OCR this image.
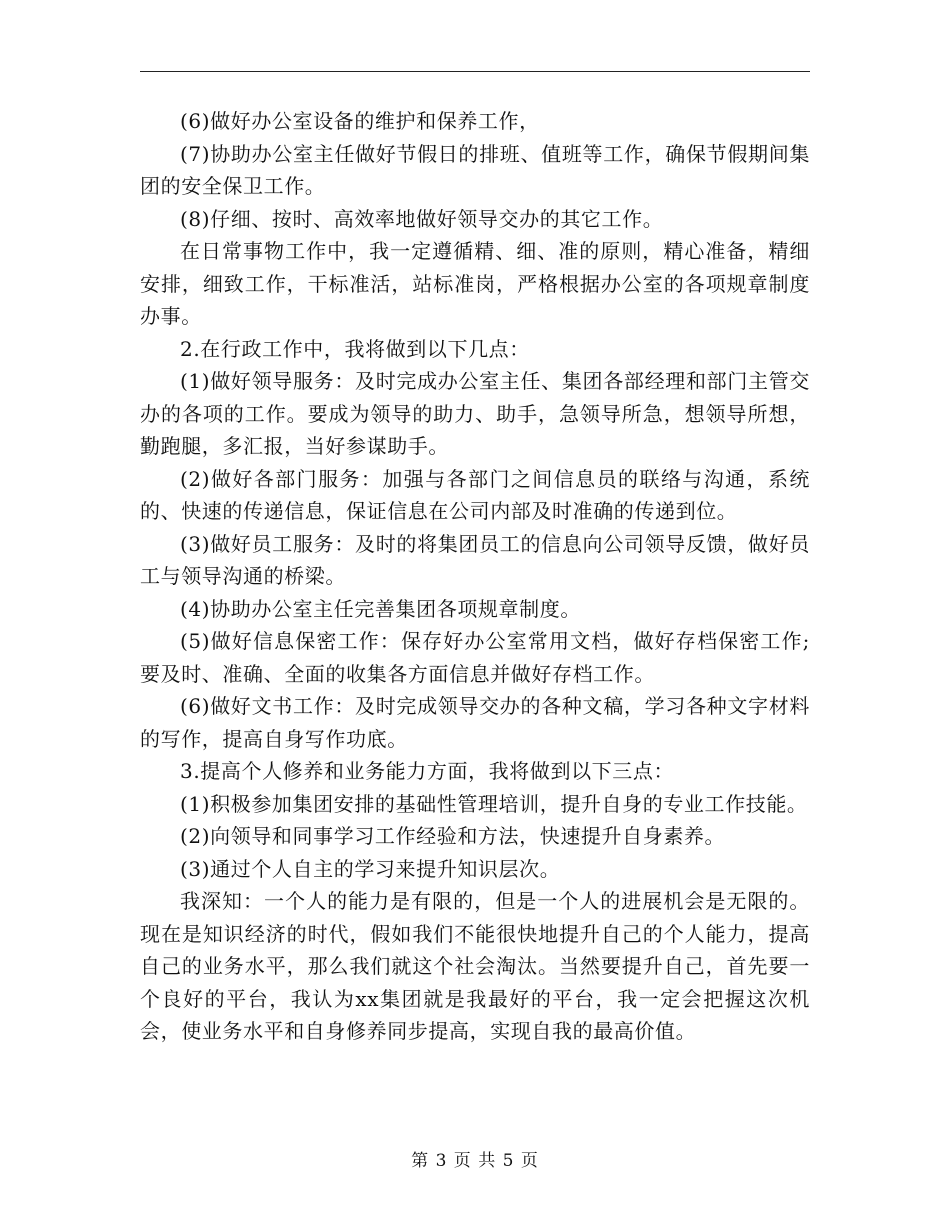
(6)做好办公室设备的维护和保养工作，

(7)协助办公室主任做好节假日的排班、值班等工作，确保节假期间集团的安全保卫工作。

(8)仔细、按时、高效率地做好领导交办的其它工作。

在日常事物工作中，我一定遵循精、细、准的原则，精心准备，精细安排，细致工作，干标准活，站标准岗，严格根据办公室的各项规章制度办事。

2.在行政工作中，我将做到以下几点：

(1)做好领导服务：及时完成办公室主任、集团各部经理和部门主管交办的各项的工作。要成为领导的助力、助手，急领导所急，想领导所想，勤跑腿，多汇报，当好参谋助手。

(2)做好各部门服务：加强与各部门之间信息员的联络与沟通，系统的、快速的传递信息，保证信息在公司内部及时准确的传递到位。

(3)做好员工服务：及时的将集团员工的信息向公司领导反馈，做好员工与领导沟通的桥梁。

(4)协助办公室主任完善集团各项规章制度。

(5)做好信息保密工作：保存好办公室常用文档，做好存档保密工作;要及时、准确、全面的收集各方面信息并做好存档工作。

(6)做好文书工作：及时完成领导交办的各种文稿，学习各种文字材料的写作，提高自身写作功底。

3.提高个人修养和业务能力方面，我将做到以下三点：

(1)积极参加集团安排的基础性管理培训，提升自身的专业工作技能。

(2)向领导和同事学习工作经验和方法，快速提升自身素养。

(3)通过个人自主的学习来提升知识层次。

我深知：一个人的能力是有限的，但是一个人的进展机会是无限的。现在是知识经济的时代，假如我们不能很快地提升自己的个人能力，提高自己的业务水平，那么我们就这个社会淘汰。当然要提升自己，首先要一个良好的平台，我认为xx集团就是我最好的平台，我一定会把握这次机会，使业务水平和自身修养同步提高，实现自我的最高价值。

第 3 页 共 5 页
